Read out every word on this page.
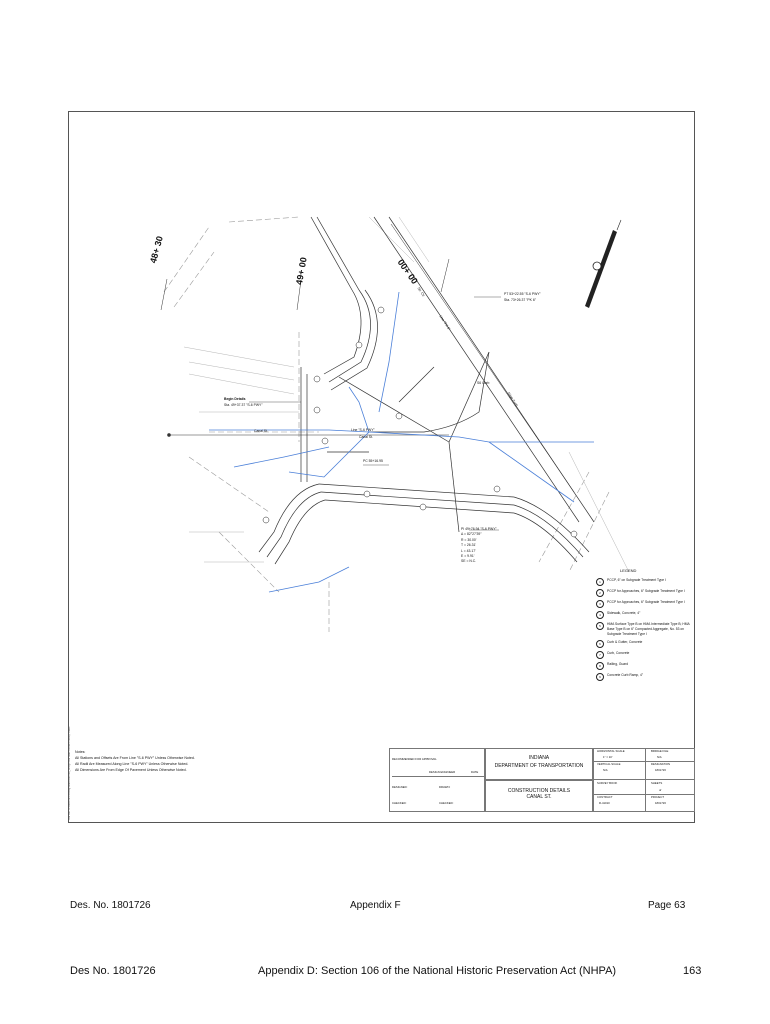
48+ 30
49+ 00	00+ 00
PT 53+22.55 "S-6 PWY"
Sta. 73+26.37 "PK 6"
Begin Details
Sta. 49+37.37 "S-6 PWY"
Line "S-6 PWY"
Canal St.
PC 55+16.95
Canal St.
S6 Curb
Str. Ctr
Line "PK 6"
Edge Curb
PI 49+76.94 "S-6 PWY"
Δ = 82°27'39"
R = 30.00'
T = 26.31'
L = 43.17'
E = 9.91'
SE = N.C.
Plot File: S:\1801726\PW\Dwg\Road\1801726_SP.dgn Plot Date: 10/2021 Plot by: Users
LEGEND
1	PCCP, 6" on Subgrade Treatment Type I
2	PCCP for Approaches, 6" Subgrade Treatment Type I
3	PCCP for Approaches, 6" Subgrade Treatment Type I
4	Sidewalk, Concrete, 4"
5	HMA Surface Type B on HMA Intermediate Type B; HMA Base Type B on 6" Compacted Aggregate, No. 53 on Subgrade Treatment Type I
6	Curb & Gutter, Concrete
7	Curb, Concrete
8	Railing, Guard
9	Concrete Curb Ramp, 4"
Notes:
All Stations and Offsets Are From Line "S-6 PWY" Unless Otherwise Noted.
All Radii Are Measured Along Line "S-6 PWY" Unless Otherwise Noted.
All Dimensions Are From Edge Of Pavement Unless Otherwise Noted.
RECOMMENDED FOR APPROVAL
DESIGN ENGINEER	DATE
DESIGNED:	DRAWN:
CHECKED:	CHECKED:
INDIANA
DEPARTMENT OF TRANSPORTATION
CONSTRUCTION DETAILS
CANAL ST.
HORIZONTAL SCALE
1" = 10'
BRIDGE FILE
N/A
VERTICAL SCALE
N/A
DESIGNATION
1801726
SURVEY BOOK	SHEETS
of
CONTRACT
R-41010
PROJECT
1801726
Des. No. 1801726	Appendix F	Page 63
Des No. 1801726	Appendix D: Section 106 of the National Historic Preservation Act (NHPA)	163
